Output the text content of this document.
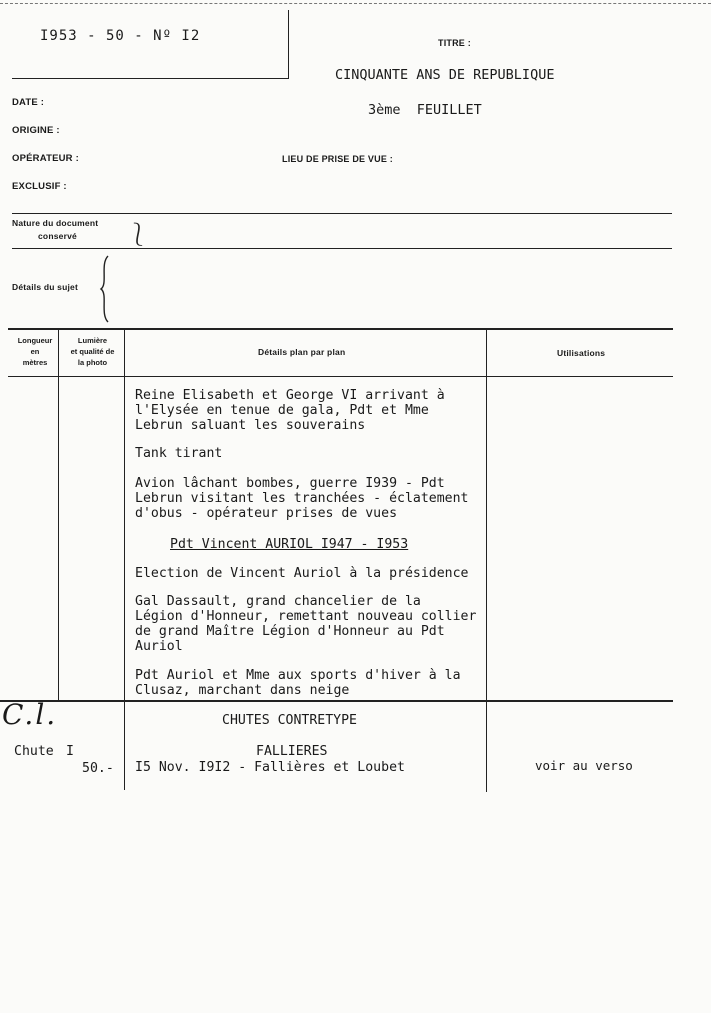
I953 - 50 - Nº I2	TITRE :
CINQUANTE ANS DE REPUBLIQUE
3ème  FEUILLET
DATE :
ORIGINE :
OPÉRATEUR :	LIEU DE PRISE DE VUE :
EXCLUSIF :
Nature du document
conservé ⎱
Détails du sujet
Longueur
en
mètres
Lumière
et qualité de
la photo
Détails plan par plan	Utilisations
Reine Elisabeth et George VI arrivant à
l'Elysée en tenue de gala, Pdt et Mme
Lebrun saluant les souverains
Tank tirant
Avion lâchant bombes, guerre I939 - Pdt
Lebrun visitant les tranchées - éclatement
d'obus - opérateur prises de vues
Pdt Vincent AURIOL I947 - I953
Election de Vincent Auriol à la présidence
Gal Dassault, grand chancelier de la
Légion d'Honneur, remettant nouveau collier
de grand Maître Légion d'Honneur au Pdt
Auriol
Pdt Auriol et Mme aux sports d'hiver à la
Clusaz, marchant dans neige
C.l.	CHUTES CONTRETYPE
Chute I	FALLIERES
50.- I5 Nov. I9I2 - Fallières et Loubet	voir au verso
